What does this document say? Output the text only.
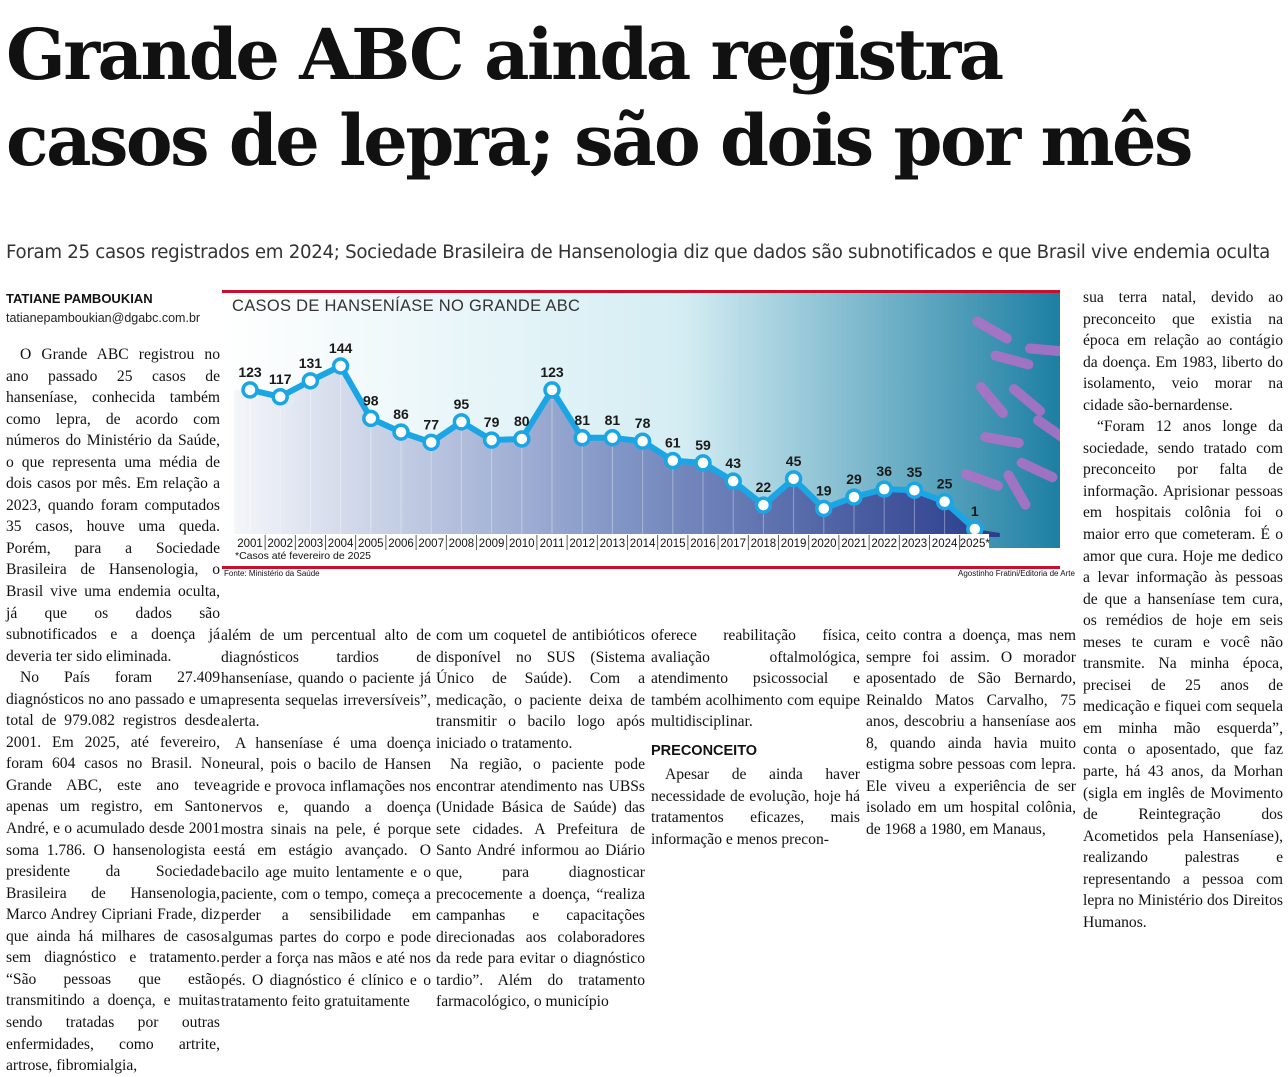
Grande ABC ainda registra
casos de lepra; são dois por mês
Foram 25 casos registrados em 2024; Sociedade Brasileira de Hansenologia diz que dados são subnotificados e que Brasil vive endemia oculta
TATIANE PAMBOUKIAN
tatianepamboukian@dgabc.com.br
123 117
131
144
98
86
77
95
79 80
123
81 81 78
61 59
43
22
45
19
29 36 35
25
1
2001 2002 2003 2004 2005 2006 2007 2008 2009 2010 2011 2012 2013 2014 2015 2016 2017 2018 2019 2020 2021 2022 2023 2024 2025*
CASOS DE HANSENÍASE NO GRANDE ABC
*Casos até fevereiro de 2025
Fonte: Ministério da Saúde	Agostinho Fratini/Editoria de Arte

O Grande ABC registrou no ano passado 25 casos de hanseníase, conhecida também como lepra, de acordo com números do Ministério da Saúde, o que representa uma média de dois casos por mês. Em relação a 2023, quando foram computados 35 casos, houve uma queda. Porém, para a Sociedade Brasileira de Hansenologia, o Brasil vive uma endemia oculta, já que os dados são subnotificados e a doença já deveria ter sido eliminada.

No País foram 27.409 diagnósticos no ano passado e um total de 979.082 registros desde 2001. Em 2025, até fevereiro, foram 604 casos no Brasil. No Grande ABC, este ano teve apenas um registro, em Santo André, e o acumulado desde 2001 soma 1.786. O hansenologista e presidente da Sociedade Brasileira de Hansenologia, Marco Andrey Cipriani Frade, diz que ainda há milhares de casos sem diagnóstico e tratamento. “São pessoas que estão transmitindo a doença, e muitas sendo tratadas por outras enfermidades, como artrite, artrose, fibromialgia,

além de um percentual alto de diagnósticos tardios de hanseníase, quando o paciente já apresenta sequelas irreversíveis”, alerta.

A hanseníase é uma doença neural, pois o bacilo de Hansen agride e provoca inflamações nos nervos e, quando a doença mostra sinais na pele, é porque está em estágio avançado. O bacilo age muito lentamente e o paciente, com o tempo, começa a perder a sensibilidade em algumas partes do corpo e pode perder a força nas mãos e até nos pés. O diagnóstico é clínico e o tratamento feito gratuitamente

com um coquetel de antibióticos disponível no SUS (Sistema Único de Saúde). Com a medicação, o paciente deixa de transmitir o bacilo logo após iniciado o tratamento.

Na região, o paciente pode encontrar atendimento nas UBSs (Unidade Básica de Saúde) das sete cidades. A Prefeitura de Santo André informou ao Diário que, para diagnosticar precocemente a doença, “realiza campanhas e capacitações direcionadas aos colaboradores da rede para evitar o diagnóstico tardio”. Além do tratamento farmacológico, o município

oferece reabilitação física, avaliação oftalmológica, atendimento psicossocial e também acolhimento com equipe multidisciplinar.

PRECONCEITO

Apesar de ainda haver necessidade de evolução, hoje há tratamentos eficazes, mais informação e menos precon-

ceito contra a doença, mas nem sempre foi assim. O morador aposentado de São Bernardo, Reinaldo Matos Carvalho, 75 anos, descobriu a hanseníase aos 8, quando ainda havia muito estigma sobre pessoas com lepra. Ele viveu a experiência de ser isolado em um hospital colônia, de 1968 a 1980, em Manaus,

sua terra natal, devido ao preconceito que existia na época em relação ao contágio da doença. Em 1983, liberto do isolamento, veio morar na cidade são-bernardense.

“Foram 12 anos longe da sociedade, sendo tratado com preconceito por falta de informação. Aprisionar pessoas em hospitais colônia foi o maior erro que cometeram. É o amor que cura. Hoje me dedico a levar informação às pessoas de que a hanseníase tem cura, os remédios de hoje em seis meses te curam e você não transmite. Na minha época, precisei de 25 anos de medicação e fiquei com sequela em minha mão esquerda”, conta o aposentado, que faz parte, há 43 anos, da Morhan (sigla em inglês de Movimento de Reintegração dos Acometidos pela Hanseníase), realizando palestras e representando a pessoa com lepra no Ministério dos Direitos Humanos.
